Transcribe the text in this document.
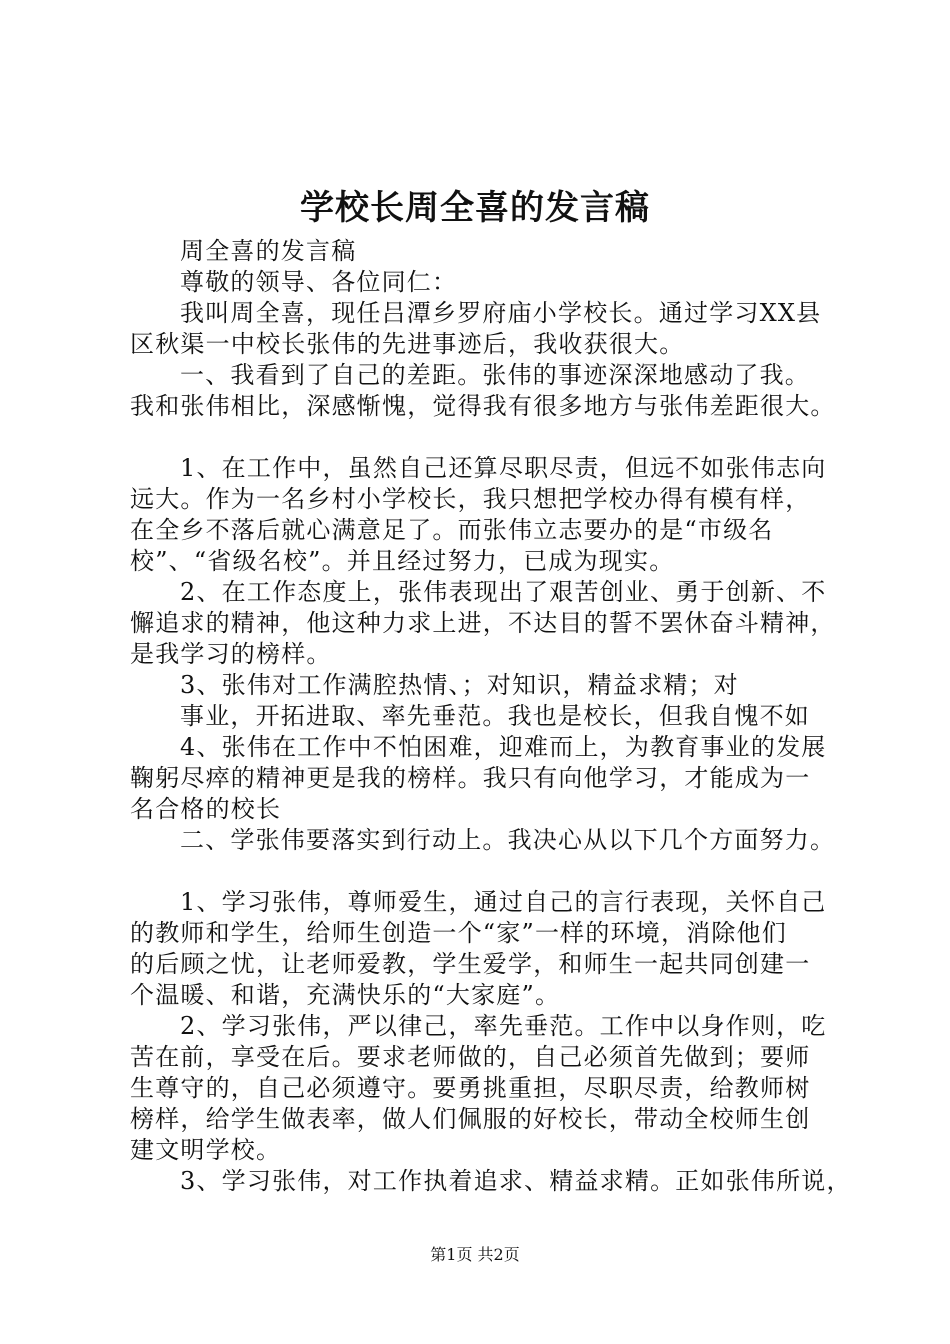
学校长周全喜的发言稿
周全喜的发言稿
尊敬的领导、各位同仁：
我叫周全喜，现任吕潭乡罗府庙小学校长。通过学习XX县
区秋渠一中校长张伟的先进事迹后，我收获很大。
一、我看到了自己的差距。张伟的事迹深深地感动了我。
我和张伟相比，深感惭愧，觉得我有很多地方与张伟差距很大。
1、在工作中，虽然自己还算尽职尽责，但远不如张伟志向
远大。作为一名乡村小学校长，我只想把学校办得有模有样，
在全乡不落后就心满意足了。而张伟立志要办的是“市级名
校”、“省级名校”。并且经过努力，已成为现实。
2、在工作态度上，张伟表现出了艰苦创业、勇于创新、不
懈追求的精神，他这种力求上进，不达目的誓不罢休奋斗精神，
是我学习的榜样。
3、张伟对工作满腔热情、；对知识，精益求精；对
事业，开拓进取、率先垂范。我也是校长，但我自愧不如
4、张伟在工作中不怕困难，迎难而上，为教育事业的发展
鞠躬尽瘁的精神更是我的榜样。我只有向他学习，才能成为一
名合格的校长
二、学张伟要落实到行动上。我决心从以下几个方面努力。
1、学习张伟，尊师爱生，通过自己的言行表现，关怀自己
的教师和学生，给师生创造一个“家”一样的环境，消除他们
的后顾之忧，让老师爱教，学生爱学，和师生一起共同创建一
个温暖、和谐，充满快乐的“大家庭”。
2、学习张伟，严以律己，率先垂范。工作中以身作则，吃
苦在前，享受在后。要求老师做的，自己必须首先做到；要师
生尊守的，自己必须遵守。要勇挑重担，尽职尽责，给教师树
榜样，给学生做表率，做人们佩服的好校长，带动全校师生创
建文明学校。
3、学习张伟，对工作执着追求、精益求精。正如张伟所说，
第1页 共2页
